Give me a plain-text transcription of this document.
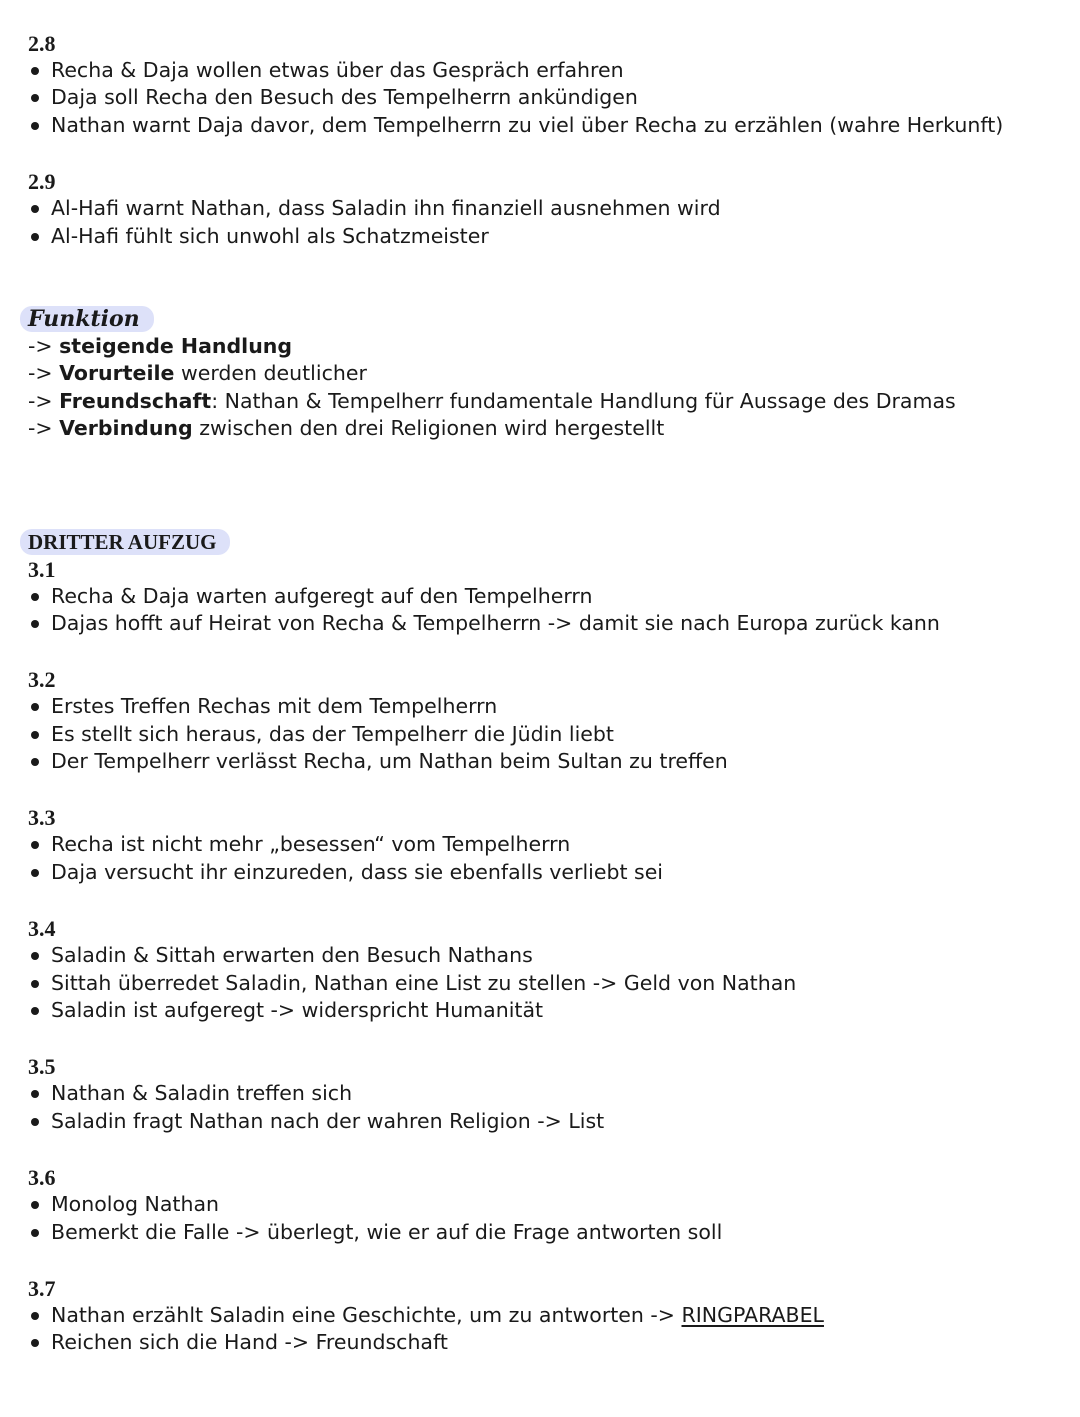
2.8
Recha & Daja wollen etwas über das Gespräch erfahren
Daja soll Recha den Besuch des Tempelherrn ankündigen
Nathan warnt Daja davor, dem Tempelherrn zu viel über Recha zu erzählen (wahre Herkunft)
2.9
Al-Hafi warnt Nathan, dass Saladin ihn finanziell ausnehmen wird
Al-Hafi fühlt sich unwohl als Schatzmeister
Funktion
-> steigende Handlung
-> Vorurteile werden deutlicher
-> Freundschaft: Nathan & Tempelherr fundamentale Handlung für Aussage des Dramas
-> Verbindung zwischen den drei Religionen wird hergestellt
DRITTER AUFZUG
3.1
Recha & Daja warten aufgeregt auf den Tempelherrn
Dajas hofft auf Heirat von Recha & Tempelherrn -> damit sie nach Europa zurück kann
3.2
Erstes Treffen Rechas mit dem Tempelherrn
Es stellt sich heraus, das der Tempelherr die Jüdin liebt
Der Tempelherr verlässt Recha, um Nathan beim Sultan zu treffen
3.3
Recha ist nicht mehr „besessen“ vom Tempelherrn
Daja versucht ihr einzureden, dass sie ebenfalls verliebt sei
3.4
Saladin & Sittah erwarten den Besuch Nathans
Sittah überredet Saladin, Nathan eine List zu stellen -> Geld von Nathan
Saladin ist aufgeregt -> widerspricht Humanität
3.5
Nathan & Saladin treffen sich
Saladin fragt Nathan nach der wahren Religion -> List
3.6
Monolog Nathan
Bemerkt die Falle -> überlegt, wie er auf die Frage antworten soll
3.7
Nathan erzählt Saladin eine Geschichte, um zu antworten -> RINGPARABEL
Reichen sich die Hand -> Freundschaft
